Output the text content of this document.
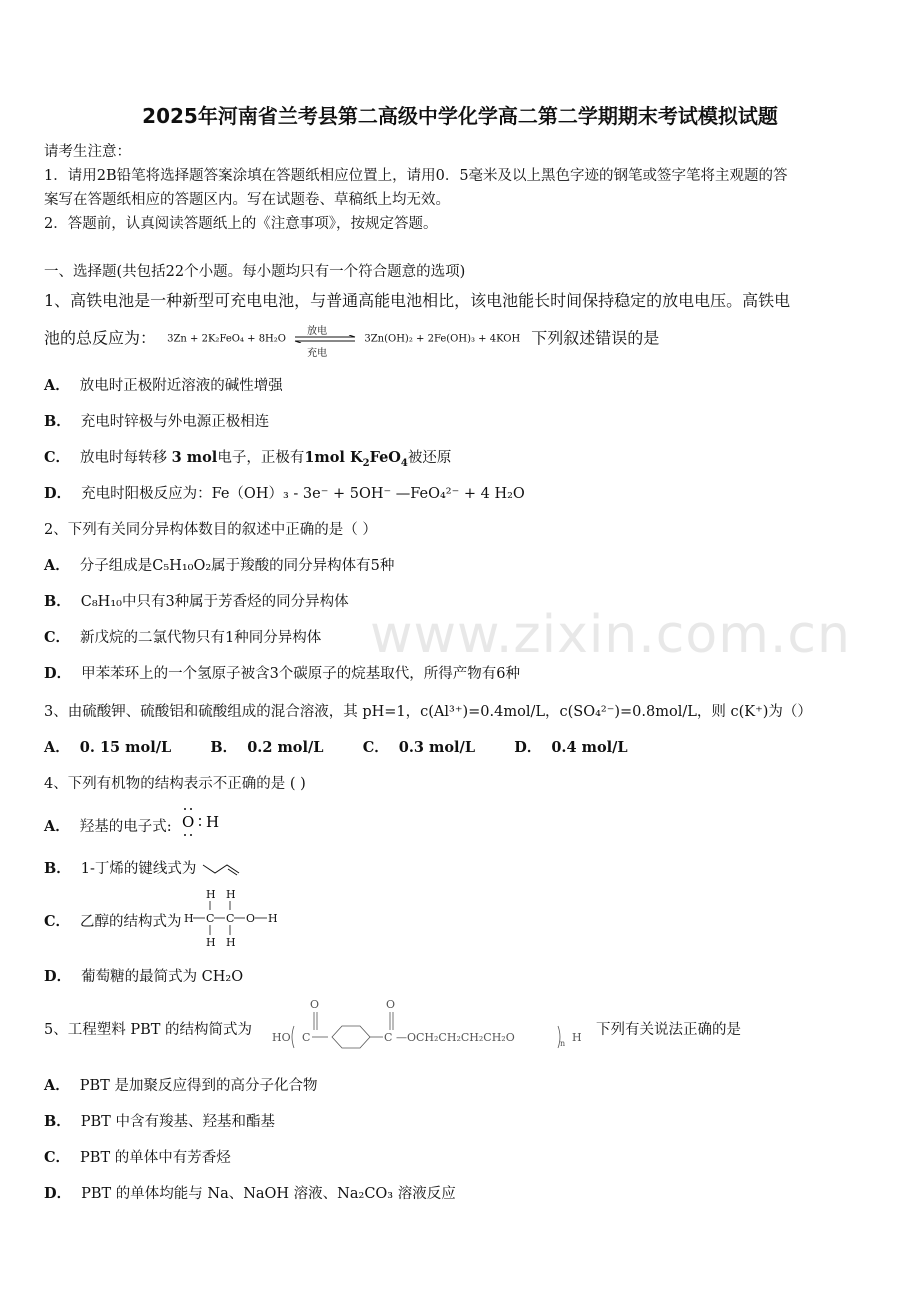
www.zixin.com.cn
2025年河南省兰考县第二高级中学化学高二第二学期期末考试模拟试题
请考生注意：
1．请用2B铅笔将选择题答案涂填在答题纸相应位置上，请用0．5毫米及以上黑色字迹的钢笔或签字笔将主观题的答
案写在答题纸相应的答题区内。写在试题卷、草稿纸上均无效。
2．答题前，认真阅读答题纸上的《注意事项》，按规定答题。
一、选择题(共包括22个小题。每小题均只有一个符合题意的选项)
1、高铁电池是一种新型可充电电池，与普通高能电池相比，该电池能长时间保持稳定的放电电压。高铁电
池的总反应为： 3Zn + 2K₂FeO₄ + 8H₂O
放电
充电
3Zn(OH)₂ + 2Fe(OH)₃ + 4KOH 下列叙述错误的是
A． 放电时正极附近溶液的碱性增强
B． 充电时锌极与外电源正极相连
C． 放电时每转移 3 mol电子，正极有1mol $K_2FeO_4$被还原
D． 充电时阳极反应为：Fe（OH）₃ - 3e⁻ + 5OH⁻ —FeO₄²⁻ + 4 H₂O
2、下列有关同分异构体数目的叙述中正确的是（ ）
A． 分子组成是C₅H₁₀O₂属于羧酸的同分异构体有5种
B． C₈H₁₀中只有3种属于芳香烃的同分异构体
C． 新戊烷的二氯代物只有1种同分异构体
D． 甲苯苯环上的一个氢原子被含3个碳原子的烷基取代，所得产物有6种
3、由硫酸钾、硫酸铝和硫酸组成的混合溶液，其 pH=1，c(Al³⁺)=0.4mol/L，c(SO₄²⁻)=0.8mol/L，则 c(K⁺)为（）
A． 0. 15 mol/L	B． 0.2 mol/L	C． 0.3 mol/L	D． 0.4 mol/L
4、下列有机物的结构表示不正确的是 ( )
A． 羟基的电子式: O H
B． 1-丁烯的键线式为
C． 乙醇的结构式为
H H
H C C O H
H H
D． 葡萄糖的最简式为 CH₂O
5、工程塑料 PBT 的结构简式为 HO C
O
C
O
—OCH₂CH₂CH₂CH₂O	H
n
下列有关说法正确的是
A． PBT 是加聚反应得到的高分子化合物
B． PBT 中含有羧基、羟基和酯基
C． PBT 的单体中有芳香烃
D． PBT 的单体均能与 Na、NaOH 溶液、Na₂CO₃ 溶液反应
